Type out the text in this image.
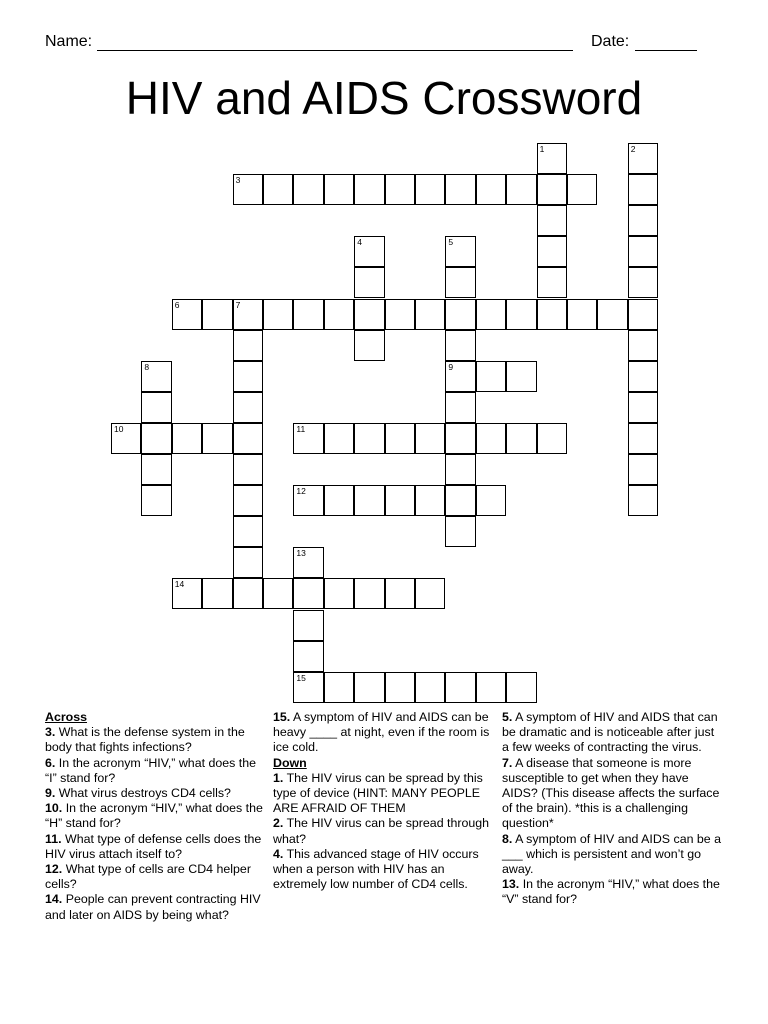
Name:	Date:
HIV and AIDS Crossword
3
6	7
9
10	11
12
14
15
1	2
4	5
8
13

Across

3. What is the defense system in the body that fights infections?

6. In the acronym “HIV,” what does the “I” stand for?

9. What virus destroys CD4 cells?

10. In the acronym “HIV,” what does the “H” stand for?

11. What type of defense cells does the HIV virus attach itself to?

12. What type of cells are CD4 helper cells?

14. People can prevent contracting HIV and later on AIDS by being what?

15. A symptom of HIV and AIDS can be heavy ____ at night, even if the room is ice cold.

Down

1. The HIV virus can be spread by this type of device (HINT: MANY PEOPLE ARE AFRAID OF THEM

2. The HIV virus can be spread through what?

4. This advanced stage of HIV occurs when a person with HIV has an extremely low number of CD4 cells.

5. A symptom of HIV and AIDS that can be dramatic and is noticeable after just a few weeks of contracting the virus.

7. A disease that someone is more susceptible to get when they have AIDS? (This disease affects the surface of the brain). *this is a challenging question*

8. A symptom of HIV and AIDS can be a ___ which is persistent and won’t go away.

13. In the acronym “HIV,” what does the “V” stand for?
